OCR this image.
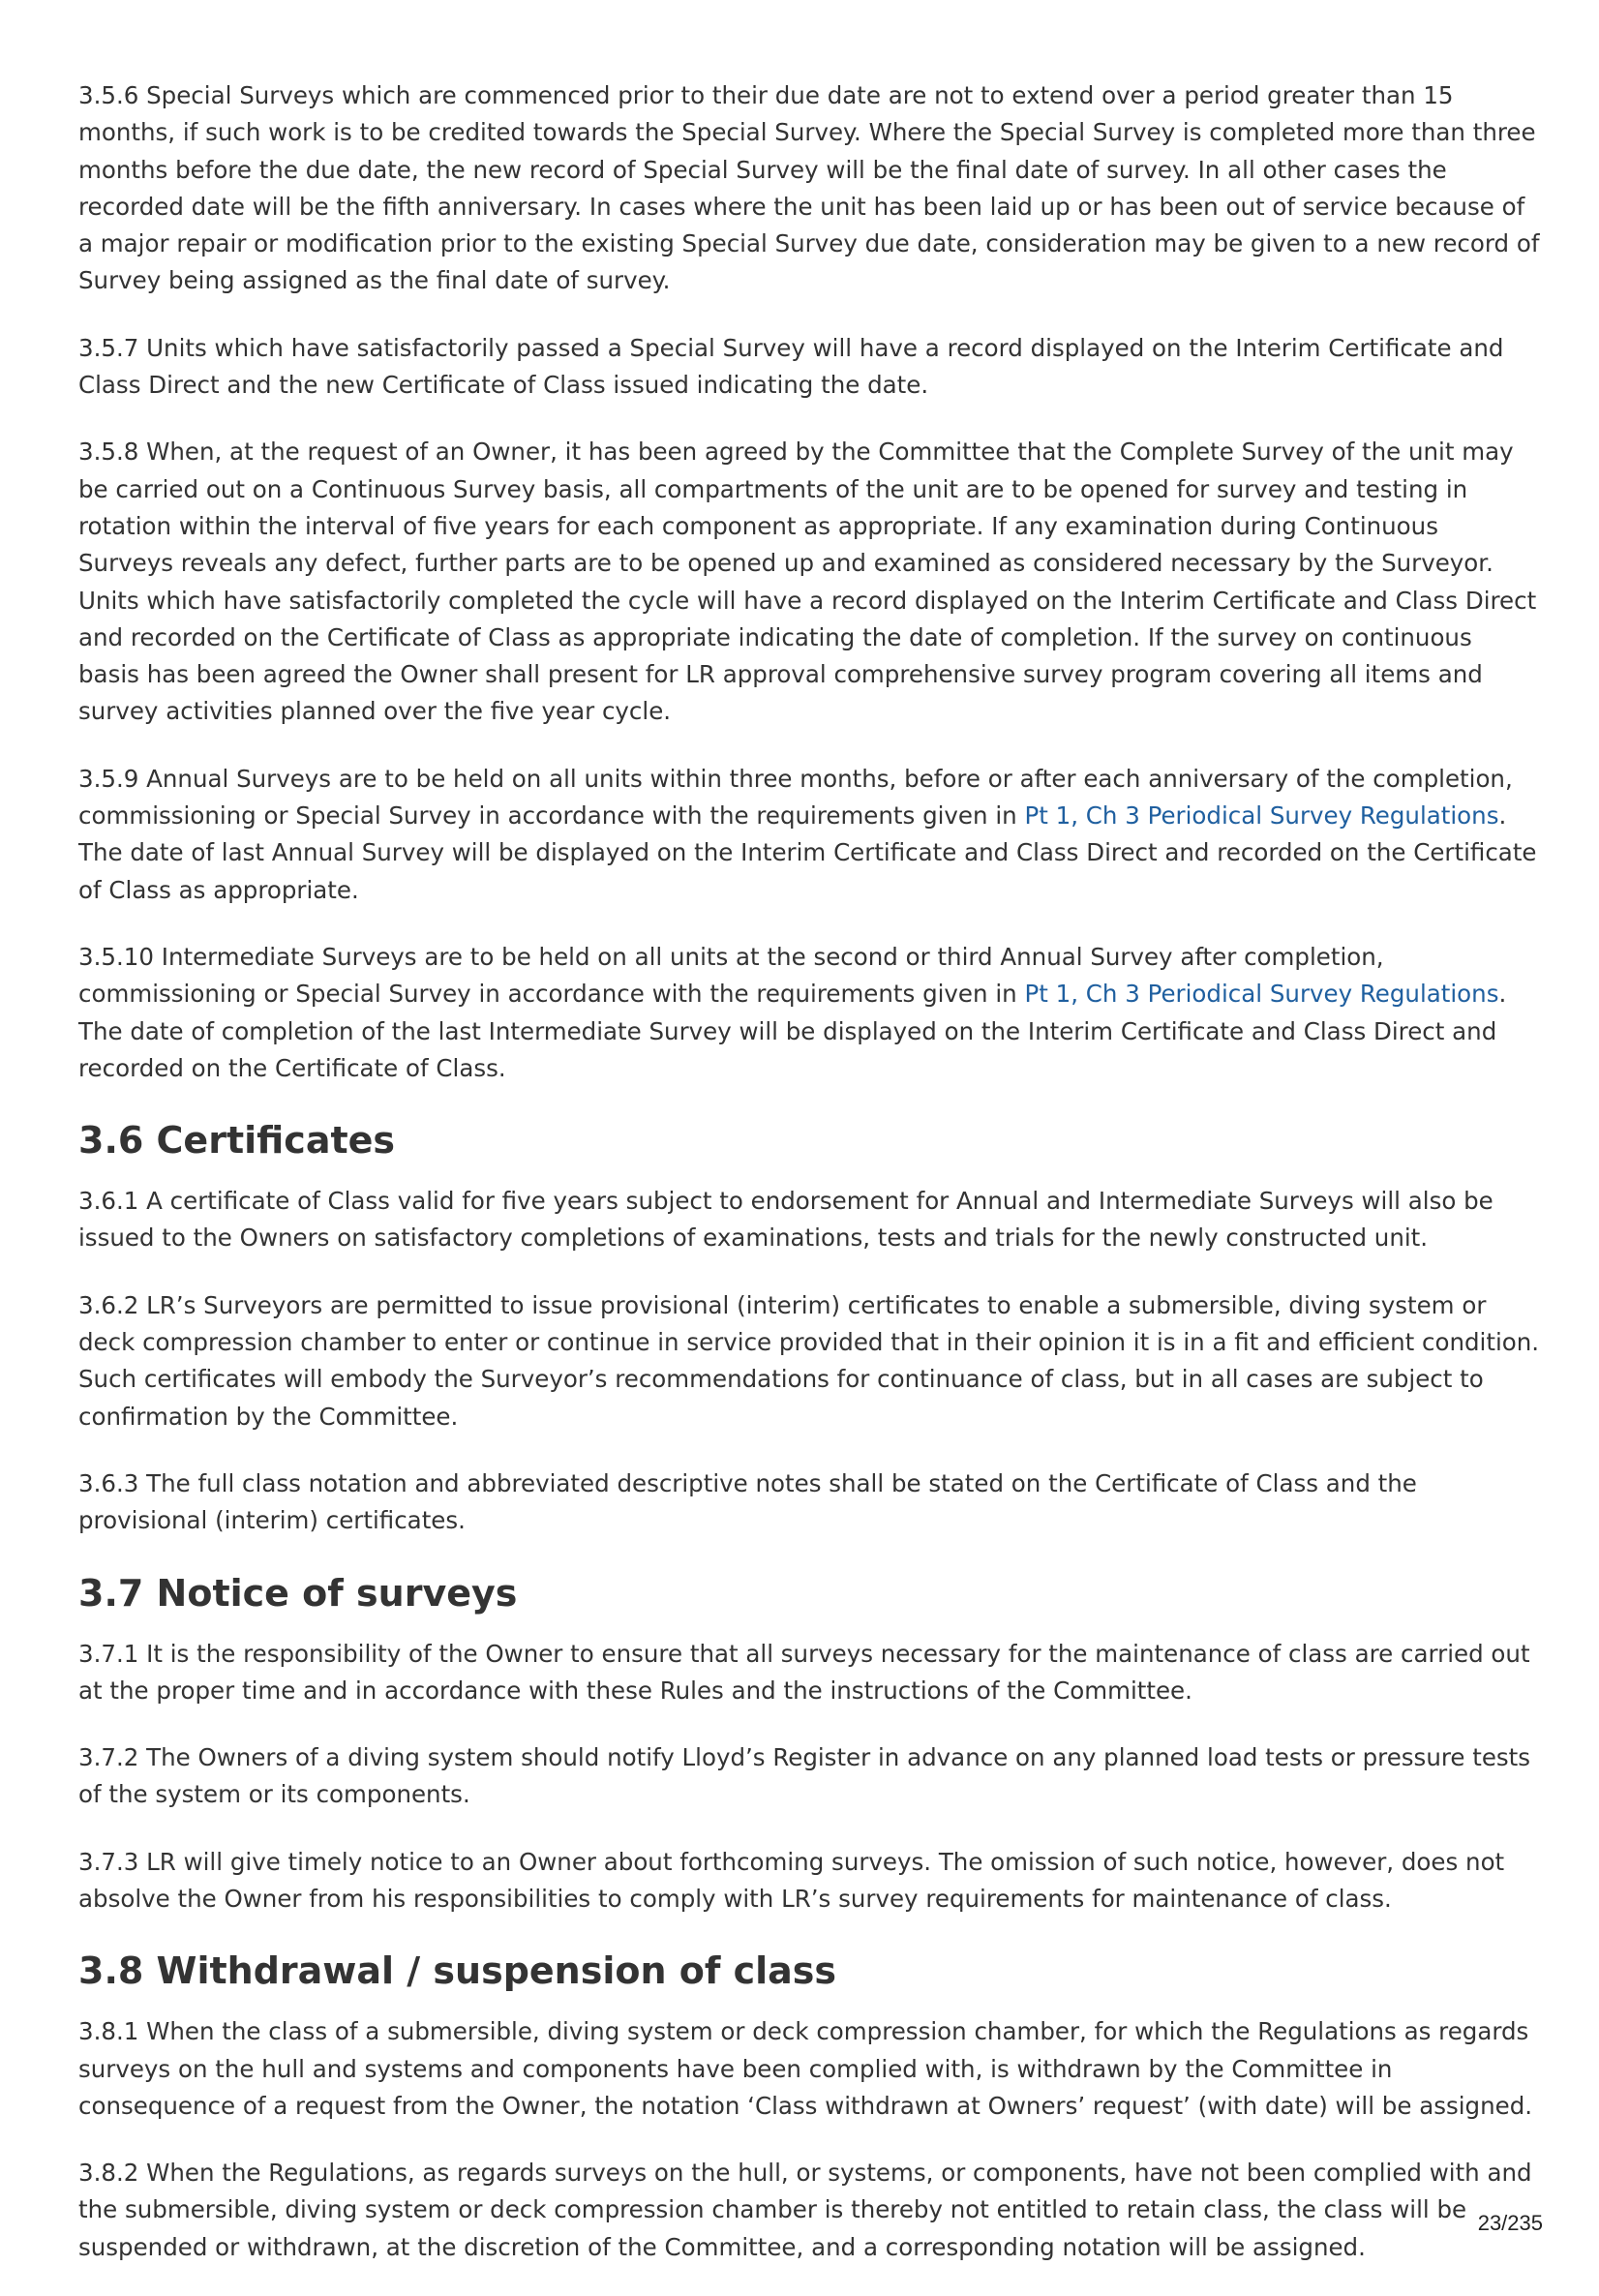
3.5.6 Special Surveys which are commenced prior to their due date are not to extend over a period greater than 15 months, if such work is to be credited towards the Special Survey. Where the Special Survey is completed more than three months before the due date, the new record of Special Survey will be the final date of survey. In all other cases the recorded date will be the fifth anniversary. In cases where the unit has been laid up or has been out of service because of a major repair or modification prior to the existing Special Survey due date, consideration may be given to a new record of Survey being assigned as the final date of survey.

3.5.7 Units which have satisfactorily passed a Special Survey will have a record displayed on the Interim Certificate and Class Direct and the new Certificate of Class issued indicating the date.

3.5.8 When, at the request of an Owner, it has been agreed by the Committee that the Complete Survey of the unit may be carried out on a Continuous Survey basis, all compartments of the unit are to be opened for survey and testing in rotation within the interval of five years for each component as appropriate. If any examination during Continuous Surveys reveals any defect, further parts are to be opened up and examined as considered necessary by the Surveyor. Units which have satisfactorily completed the cycle will have a record displayed on the Interim Certificate and Class Direct and recorded on the Certificate of Class as appropriate indicating the date of completion. If the survey on continuous basis has been agreed the Owner shall present for LR approval comprehensive survey program covering all items and survey activities planned over the five year cycle.

3.5.9 Annual Surveys are to be held on all units within three months, before or after each anniversary of the completion, commissioning or Special Survey in accordance with the requirements given in Pt 1, Ch 3 Periodical Survey Regulations. The date of last Annual Survey will be displayed on the Interim Certificate and Class Direct and recorded on the Certificate of Class as appropriate.

3.5.10 Intermediate Surveys are to be held on all units at the second or third Annual Survey after completion, commissioning or Special Survey in accordance with the requirements given in Pt 1, Ch 3 Periodical Survey Regulations. The date of completion of the last Intermediate Survey will be displayed on the Interim Certificate and Class Direct and recorded on the Certificate of Class.

3.6 Certificates

3.6.1 A certificate of Class valid for five years subject to endorsement for Annual and Intermediate Surveys will also be issued to the Owners on satisfactory completions of examinations, tests and trials for the newly constructed unit.

3.6.2 LR’s Surveyors are permitted to issue provisional (interim) certificates to enable a submersible, diving system or deck compression chamber to enter or continue in service provided that in their opinion it is in a fit and efficient condition. Such certificates will embody the Surveyor’s recommendations for continuance of class, but in all cases are subject to confirmation by the Committee.

3.6.3 The full class notation and abbreviated descriptive notes shall be stated on the Certificate of Class and the provisional (interim) certificates.

3.7 Notice of surveys

3.7.1 It is the responsibility of the Owner to ensure that all surveys necessary for the maintenance of class are carried out at the proper time and in accordance with these Rules and the instructions of the Committee.

3.7.2 The Owners of a diving system should notify Lloyd’s Register in advance on any planned load tests or pressure tests of the system or its components.

3.7.3 LR will give timely notice to an Owner about forthcoming surveys. The omission of such notice, however, does not absolve the Owner from his responsibilities to comply with LR’s survey requirements for maintenance of class.

3.8 Withdrawal / suspension of class

3.8.1 When the class of a submersible, diving system or deck compression chamber, for which the Regulations as regards surveys on the hull and systems and components have been complied with, is withdrawn by the Committee in consequence of a request from the Owner, the notation ‘Class withdrawn at Owners’ request’ (with date) will be assigned.

3.8.2 When the Regulations, as regards surveys on the hull, or systems, or components, have not been complied with and the submersible, diving system or deck compression chamber is thereby not entitled to retain class, the class will be suspended or withdrawn, at the discretion of the Committee, and a corresponding notation will be assigned.

23/235
